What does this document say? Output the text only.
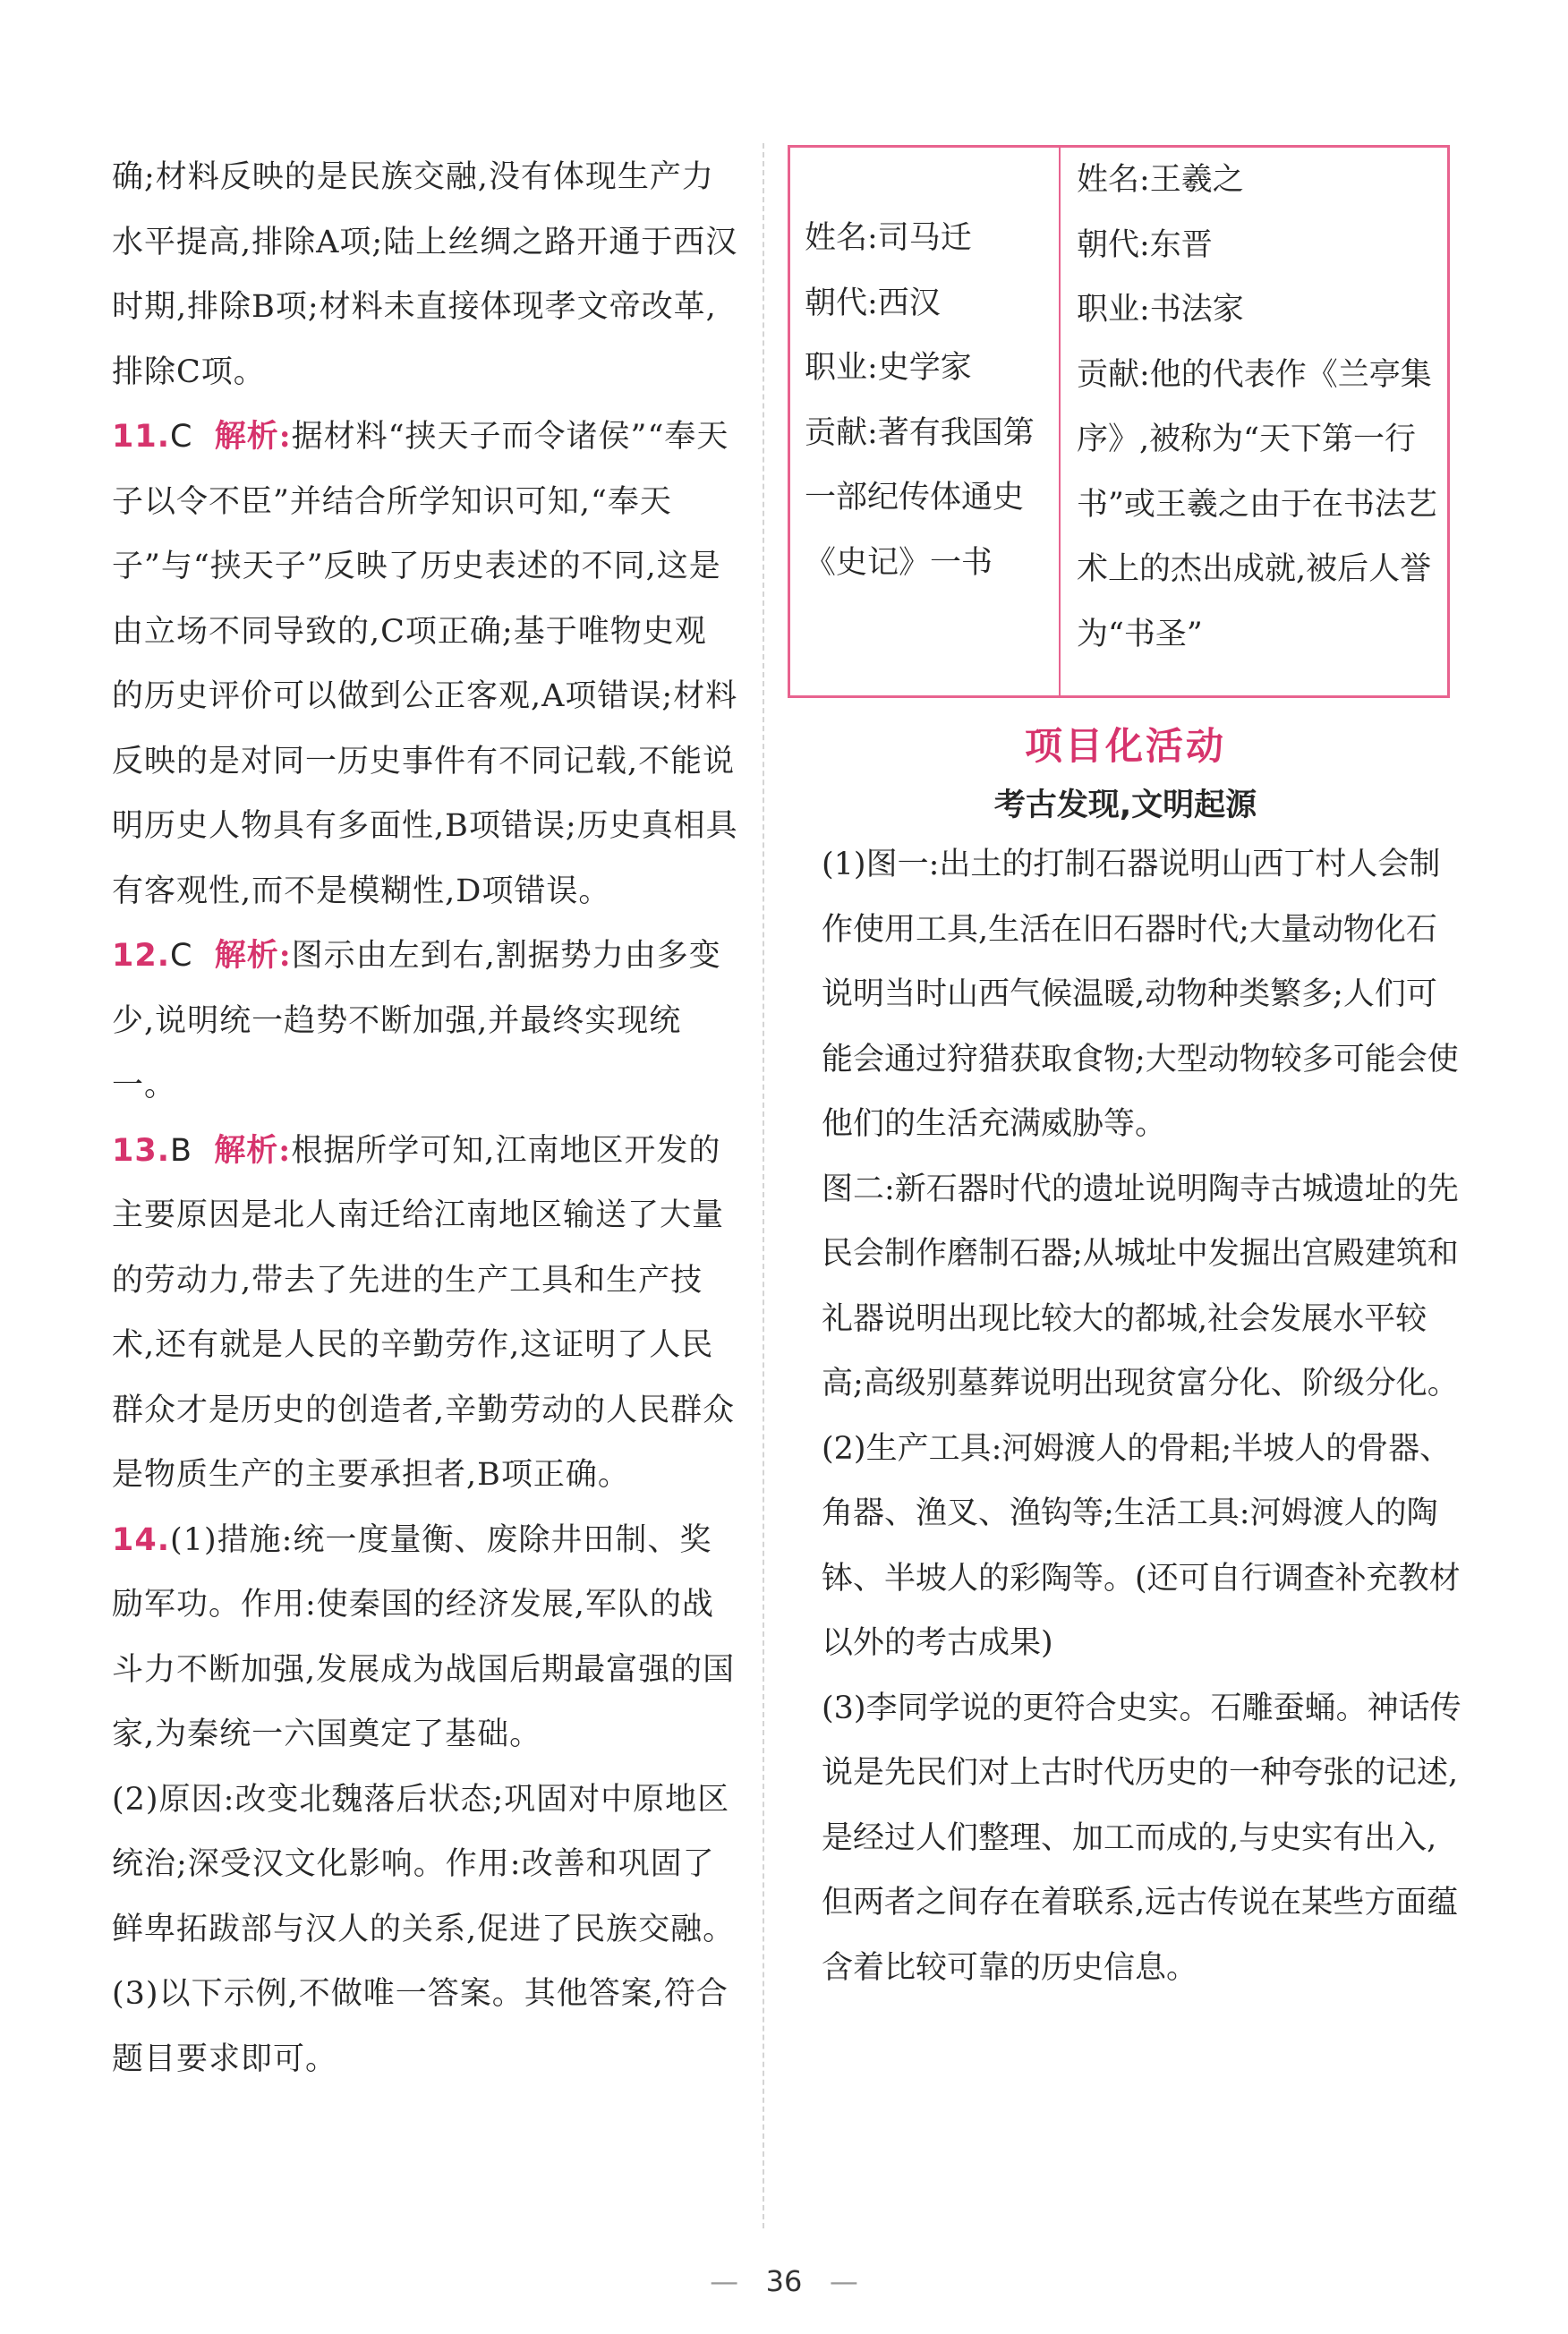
确;材料反映的是民族交融,没有体现生产力水平提高,排除A项;陆上丝绸之路开通于西汉时期,排除B项;材料未直接体现孝文帝改革,排除C项。
11.C 解析:据材料“挟天子而令诸侯”“奉天子以令不臣”并结合所学知识可知,“奉天子”与“挟天子”反映了历史表述的不同,这是由立场不同导致的,C项正确;基于唯物史观的历史评价可以做到公正客观,A项错误;材料反映的是对同一历史事件有不同记载,不能说明历史人物具有多面性,B项错误;历史真相具有客观性,而不是模糊性,D项错误。
12.C 解析:图示由左到右,割据势力由多变少,说明统一趋势不断加强,并最终实现统一。
13.B 解析:根据所学可知,江南地区开发的主要原因是北人南迁给江南地区输送了大量的劳动力,带去了先进的生产工具和生产技术,还有就是人民的辛勤劳作,这证明了人民群众才是历史的创造者,辛勤劳动的人民群众是物质生产的主要承担者,B项正确。
14.(1)措施:统一度量衡、废除井田制、奖励军功。作用:使秦国的经济发展,军队的战斗力不断加强,发展成为战国后期最富强的国家,为秦统一六国奠定了基础。
(2)原因:改变北魏落后状态;巩固对中原地区统治;深受汉文化影响。作用:改善和巩固了鲜卑拓跋部与汉人的关系,促进了民族交融。
(3)以下示例,不做唯一答案。其他答案,符合题目要求即可。
姓名:司马迁
朝代:西汉
职业:史学家
贡献:著有我国第一部纪传体通史《史记》一书
姓名:王羲之
朝代:东晋
职业:书法家
贡献:他的代表作《兰亭集序》,被称为“天下第一行书”或王羲之由于在书法艺术上的杰出成就,被后人誉为“书圣”
项目化活动
考古发现,文明起源
(1)图一:出土的打制石器说明山西丁村人会制作使用工具,生活在旧石器时代;大量动物化石说明当时山西气候温暖,动物种类繁多;人们可能会通过狩猎获取食物;大型动物较多可能会使他们的生活充满威胁等。
图二:新石器时代的遗址说明陶寺古城遗址的先民会制作磨制石器;从城址中发掘出宫殿建筑和礼器说明出现比较大的都城,社会发展水平较高;高级别墓葬说明出现贫富分化、阶级分化。
(2)生产工具:河姆渡人的骨耜;半坡人的骨器、角器、渔叉、渔钩等;生活工具:河姆渡人的陶钵、半坡人的彩陶等。(还可自行调查补充教材以外的考古成果)
(3)李同学说的更符合史实。石雕蚕蛹。神话传说是先民们对上古时代历史的一种夸张的记述,是经过人们整理、加工而成的,与史实有出入,但两者之间存在着联系,远古传说在某些方面蕴含着比较可靠的历史信息。
— 36 —
